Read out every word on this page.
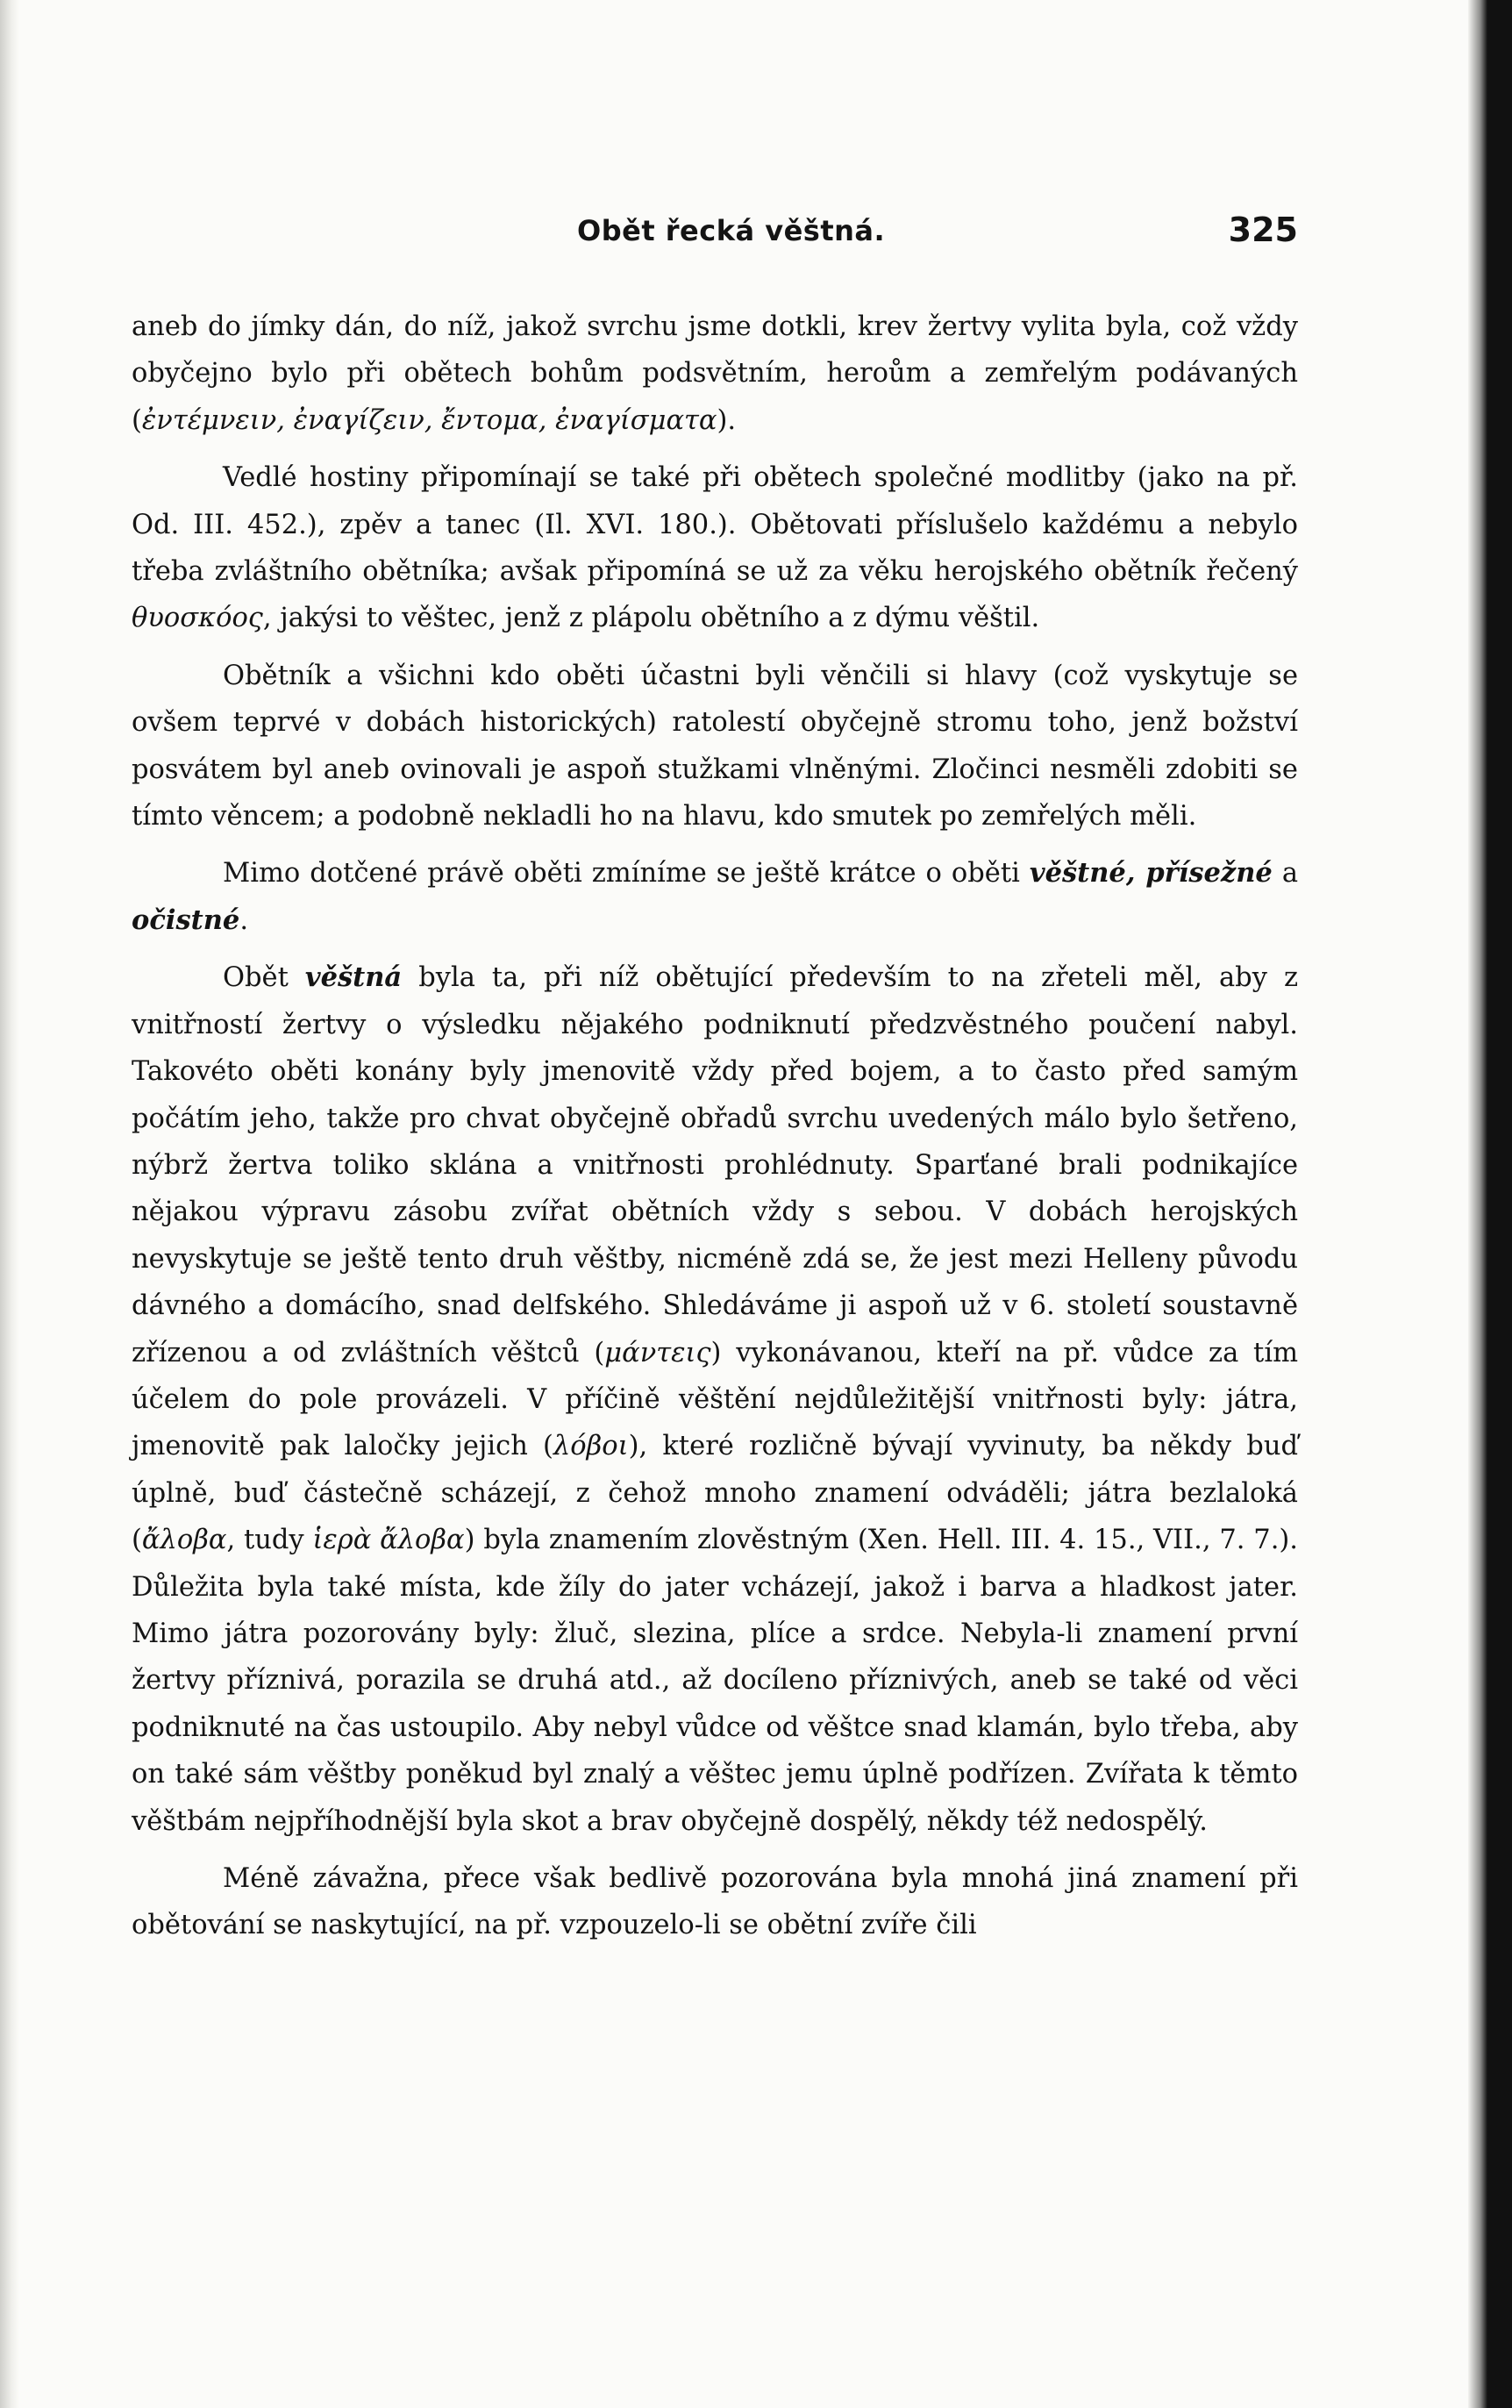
Obět řecká věštná.	325

aneb do jímky dán, do níž, jakož svrchu jsme dotkli, krev žertvy vylita byla, což vždy obyčejno bylo při obětech bohům podsvětním, heroům a zemřelým podávaných (ἐντέμνειν, ἐναγίζειν, ἔντομα, ἐναγίσματα).

Vedlé hostiny připomínají se také při obětech společné modlitby (jako na př. Od. III. 452.), zpěv a tanec (Il. XVI. 180.). Obětovati příslušelo každému a nebylo třeba zvláštního obětníka; avšak připomíná se už za věku herojského obětník řečený θυοσκόος, jakýsi to věštec, jenž z plápolu obětního a z dýmu věštil.

Obětník a všichni kdo oběti účastni byli věnčili si hlavy (což vyskytuje se ovšem teprvé v dobách historických) ratolestí obyčejně stromu toho, jenž božství posvátem byl aneb ovinovali je aspoň stužkami vlněnými. Zločinci nesměli zdobiti se tímto věncem; a podobně nekladli ho na hlavu, kdo smutek po zemřelých měli.

Mimo dotčené právě oběti zmíníme se ještě krátce o oběti věštné, přísežné a očistné.

Obět věštná byla ta, při níž obětující především to na zřeteli měl, aby z vnitřností žertvy o výsledku nějakého podniknutí předzvěstného poučení nabyl. Takovéto oběti konány byly jmenovitě vždy před bojem, a to často před samým počátím jeho, takže pro chvat obyčejně obřadů svrchu uvedených málo bylo šetřeno, nýbrž žertva toliko sklána a vnitřnosti prohlédnuty. Sparťané brali podnikajíce nějakou výpravu zásobu zvířat obětních vždy s sebou. V dobách herojských nevyskytuje se ještě tento druh věštby, nicméně zdá se, že jest mezi Helleny původu dávného a domácího, snad delfského. Shledáváme ji aspoň už v 6. století soustavně zřízenou a od zvláštních věštců (μάντεις) vykonávanou, kteří na př. vůdce za tím účelem do pole provázeli. V příčině věštění nejdůležitější vnitřnosti byly: játra, jmenovitě pak laločky jejich (λόβοι), které rozličně bývají vyvinuty, ba někdy buď úplně, buď částečně scházejí, z čehož mnoho znamení odváděli; játra bezlaloká (ἄλοβα, tudy ἱερὰ ἄλοβα) byla znamením zlověstným (Xen. Hell. III. 4. 15., VII., 7. 7.). Důležita byla také místa, kde žíly do jater vcházejí, jakož i barva a hladkost jater. Mimo játra pozorovány byly: žluč, slezina, plíce a srdce. Nebyla-li znamení první žertvy příznivá, porazila se druhá atd., až docíleno příznivých, aneb se také od věci podniknuté na čas ustoupilo. Aby nebyl vůdce od věštce snad klamán, bylo třeba, aby on také sám věštby poněkud byl znalý a věštec jemu úplně podřízen. Zvířata k těmto věštbám nejpříhodnější byla skot a brav obyčejně dospělý, někdy též nedospělý.

Méně závažna, přece však bedlivě pozorována byla mnohá jiná znamení při obětování se naskytující, na př. vzpouzelo-li se obětní zvíře čili
